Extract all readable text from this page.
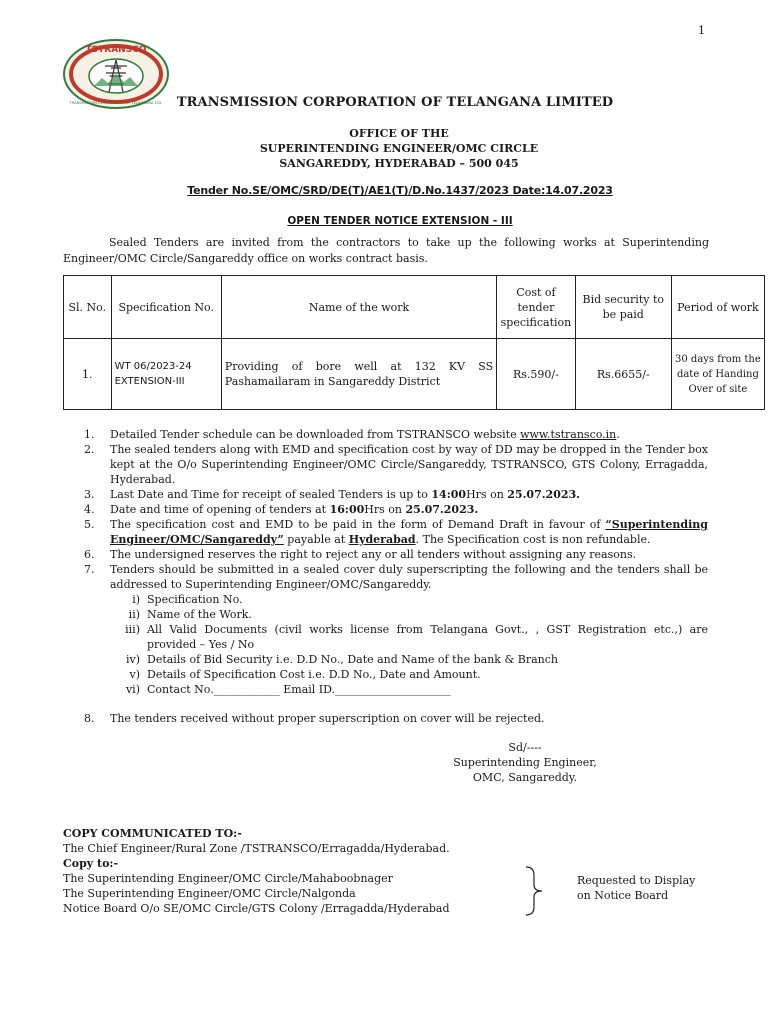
1
TSTRANSCO
TRANSMISSION CORPORATION OF TELANGANA LTD.	TRANSMISSION CORPORATION OF TELANGANA LIMITED
OFFICE OF THE
SUPERINTENDING ENGINEER/OMC CIRCLE
SANGAREDDY, HYDERABAD – 500 045
Tender No.SE/OMC/SRD/DE(T)/AE1(T)/D.No.1437/2023 Date:14.07.2023
OPEN TENDER NOTICE EXTENSION - III
Sealed Tenders are invited from the contractors to take up the following works at Superintending Engineer/OMC Circle/Sangareddy office on works contract basis.
Sl. No.	Specification No.	Name of the work	Cost of tender specification	Bid security to be paid	Period of work
1.	WT 06/2023-24 EXTENSION-III	Providing of bore well at 132 KV SS Pashamailaram in Sangareddy District	Rs.590/-	Rs.6655/-	30 days from the date of Handing Over of site
1. Detailed Tender schedule can be downloaded from TSTRANSCO website www.tstransco.in.
2. The sealed tenders along with EMD and specification cost by way of DD may be dropped in the Tender box kept at the O/o Superintending Engineer/OMC Circle/Sangareddy, TSTRANSCO, GTS Colony, Erragadda, Hyderabad.
3. Last Date and Time for receipt of sealed Tenders is up to 14:00Hrs on 25.07.2023.
4. Date and time of opening of tenders at 16:00Hrs on 25.07.2023.
5. The specification cost and EMD to be paid in the form of Demand Draft in favour of “Superintending Engineer/OMC/Sangareddy” payable at Hyderabad. The Specification cost is non refundable.
6. The undersigned reserves the right to reject any or all tenders without assigning any reasons.
7. Tenders should be submitted in a sealed cover duly superscripting the following and the tenders shall be addressed to Superintending Engineer/OMC/Sangareddy.
i) Specification No.
ii) Name of the Work.
iii) All Valid Documents (civil works license from Telangana Govt., , GST Registration etc.,) are provided – Yes / No
iv) Details of Bid Security i.e. D.D No., Date and Name of the bank & Branch
v) Details of Specification Cost i.e. D.D No., Date and Amount.
vi) Contact No.____________ Email ID._____________________
8. The tenders received without proper superscription on cover will be rejected.
Sd/----
Superintending Engineer,
OMC, Sangareddy.
COPY COMMUNICATED TO:-
The Chief Engineer/Rural Zone /TSTRANSCO/Erragadda/Hyderabad.
Copy to:-
The Superintending Engineer/OMC Circle/Mahaboobnager
The Superintending Engineer/OMC Circle/Nalgonda
Notice Board O/o SE/OMC Circle/GTS Colony /Erragadda/Hyderabad
Requested to Display on Notice Board
